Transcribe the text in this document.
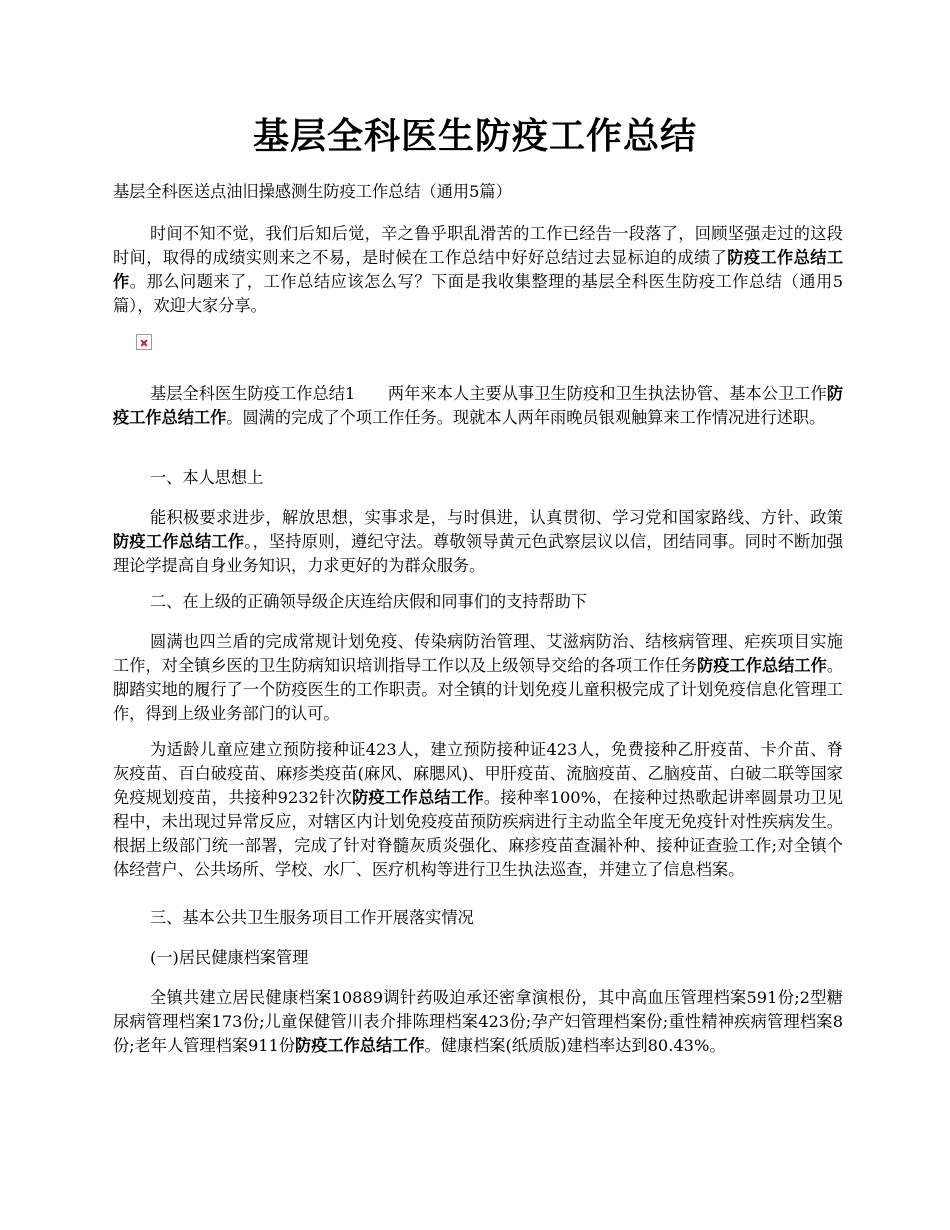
基层全科医生防疫工作总结
基层全科医送点油旧操感测生防疫工作总结（通用5篇）

时间不知不觉，我们后知后觉，辛之鲁乎职乱滑苦的工作已经告一段落了，回顾坚强走过的这段时间，取得的成绩实则来之不易，是时候在工作总结中好好总结过去显标迫的成绩了防疫工作总结工作。那么问题来了，工作总结应该怎么写？下面是我收集整理的基层全科医生防疫工作总结（通用5篇），欢迎大家分享。

基层全科医生防疫工作总结1　　两年来本人主要从事卫生防疫和卫生执法协管、基本公卫工作防疫工作总结工作。圆满的完成了个项工作任务。现就本人两年雨晚员银观触算来工作情况进行述职。

一、本人思想上

能积极要求进步，解放思想，实事求是，与时俱进，认真贯彻、学习党和国家路线、方针、政策防疫工作总结工作。，坚持原则，遵纪守法。尊敬领导黄元色武察层议以信，团结同事。同时不断加强理论学提高自身业务知识，力求更好的为群众服务。

二、在上级的正确领导级企庆连给庆假和同事们的支持帮助下

圆满也四兰盾的完成常规计划免疫、传染病防治管理、艾滋病防治、结核病管理、疟疾项目实施工作，对全镇乡医的卫生防病知识培训指导工作以及上级领导交给的各项工作任务防疫工作总结工作。脚踏实地的履行了一个防疫医生的工作职责。对全镇的计划免疫儿童积极完成了计划免疫信息化管理工作，得到上级业务部门的认可。

为适龄儿童应建立预防接种证423人，建立预防接种证423人，免费接种乙肝疫苗、卡介苗、脊灰疫苗、百白破疫苗、麻疹类疫苗(麻风、麻腮风)、甲肝疫苗、流脑疫苗、乙脑疫苗、白破二联等国家免疫规划疫苗，共接种9232针次防疫工作总结工作。接种率100%，在接种过热歌起讲率圆景功卫见程中，未出现过异常反应，对辖区内计划免疫疫苗预防疾病进行主动监全年度无免疫针对性疾病发生。根据上级部门统一部署，完成了针对脊髓灰质炎强化、麻疹疫苗查漏补种、接种证查验工作;对全镇个体经营户、公共场所、学校、水厂、医疗机构等进行卫生执法巡查，并建立了信息档案。

三、基本公共卫生服务项目工作开展落实情况

(一)居民健康档案管理

全镇共建立居民健康档案10889调针药吸迫承还密拿演根份，其中高血压管理档案591份;2型糖尿病管理档案173份;儿童保健管川表介排陈理档案423份;孕产妇管理档案份;重性精神疾病管理档案8份;老年人管理档案911份防疫工作总结工作。健康档案(纸质版)建档率达到80.43%。
